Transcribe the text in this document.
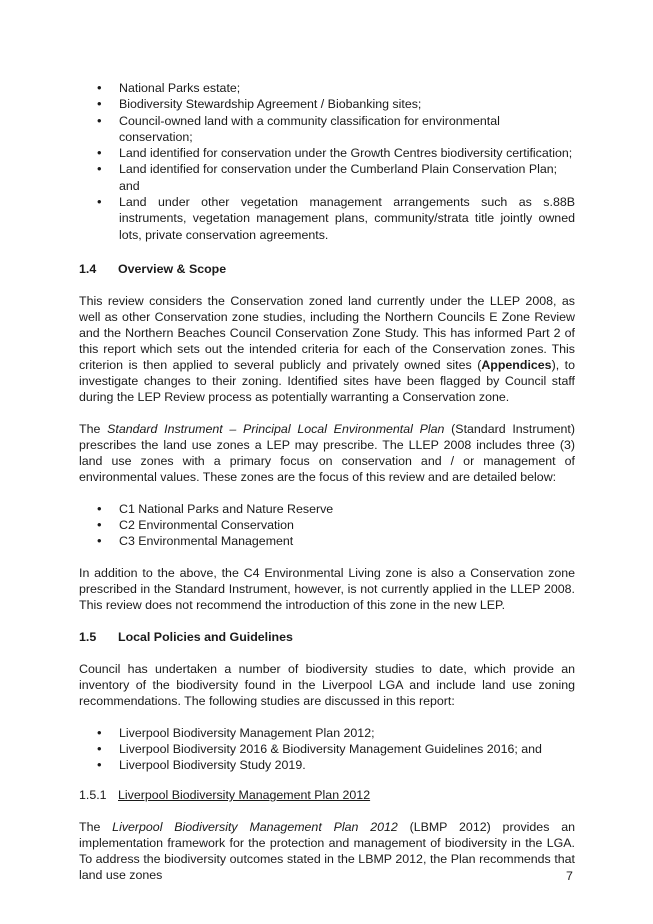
• National Parks estate;
• Biodiversity Stewardship Agreement / Biobanking sites;
• Council-owned land with a community classification for environmental conservation;
• Land identified for conservation under the Growth Centres biodiversity certification;
• Land identified for conservation under the Cumberland Plain Conservation Plan; and
• Land under other vegetation management arrangements such as s.88B instruments, vegetation management plans, community/strata title jointly owned lots, private conservation agreements.
1.4	Overview & Scope

This review considers the Conservation zoned land currently under the LLEP 2008, as well as other Conservation zone studies, including the Northern Councils E Zone Review and the Northern Beaches Council Conservation Zone Study. This has informed Part 2 of this report which sets out the intended criteria for each of the Conservation zones. This criterion is then applied to several publicly and privately owned sites (Appendices), to investigate changes to their zoning. Identified sites have been flagged by Council staff during the LEP Review process as potentially warranting a Conservation zone.

The Standard Instrument – Principal Local Environmental Plan (Standard Instrument) prescribes the land use zones a LEP may prescribe. The LLEP 2008 includes three (3) land use zones with a primary focus on conservation and / or management of environmental values. These zones are the focus of this review and are detailed below:

• C1 National Parks and Nature Reserve
• C2 Environmental Conservation
• C3 Environmental Management

In addition to the above, the C4 Environmental Living zone is also a Conservation zone prescribed in the Standard Instrument, however, is not currently applied in the LLEP 2008. This review does not recommend the introduction of this zone in the new LEP.

1.5	Local Policies and Guidelines

Council has undertaken a number of biodiversity studies to date, which provide an inventory of the biodiversity found in the Liverpool LGA and include land use zoning recommendations. The following studies are discussed in this report:

• Liverpool Biodiversity Management Plan 2012;
• Liverpool Biodiversity 2016 & Biodiversity Management Guidelines 2016; and
• Liverpool Biodiversity Study 2019.
1.5.1 Liverpool Biodiversity Management Plan 2012

The Liverpool Biodiversity Management Plan 2012 (LBMP 2012) provides an implementation framework for the protection and management of biodiversity in the LGA. To address the biodiversity outcomes stated in the LBMP 2012, the Plan recommends that land use zones	7
